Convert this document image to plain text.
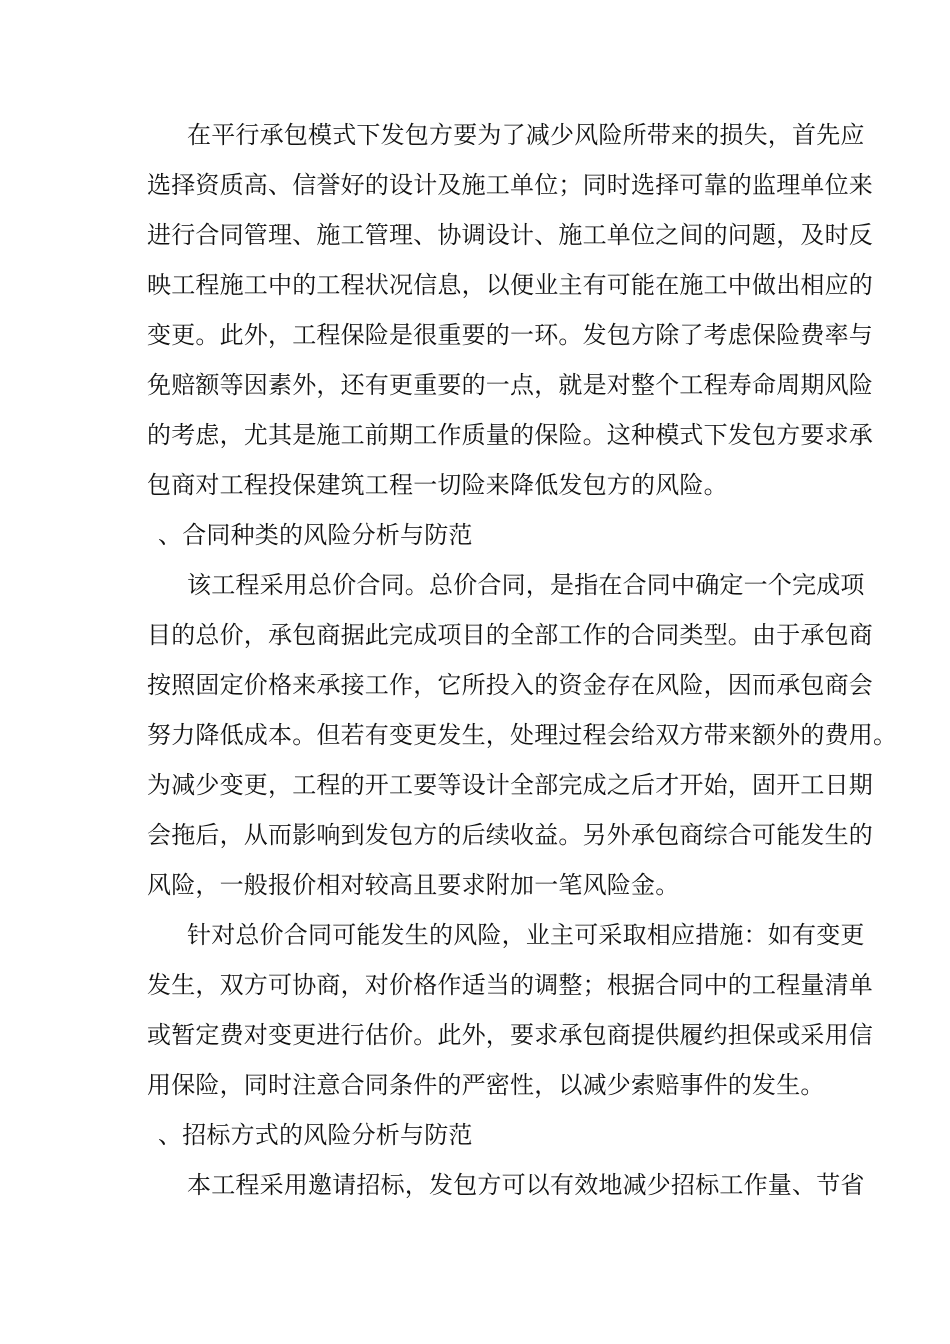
在平行承包模式下发包方要为了减少风险所带来的损失，首先应
选择资质高、信誉好的设计及施工单位；同时选择可靠的监理单位来
进行合同管理、施工管理、协调设计、施工单位之间的问题，及时反
映工程施工中的工程状况信息，以便业主有可能在施工中做出相应的
变更。此外，工程保险是很重要的一环。发包方除了考虑保险费率与
免赔额等因素外，还有更重要的一点，就是对整个工程寿命周期风险
的考虑，尤其是施工前期工作质量的保险。这种模式下发包方要求承
包商对工程投保建筑工程一切险来降低发包方的风险。
、合同种类的风险分析与防范
该工程采用总价合同。总价合同，是指在合同中确定一个完成项
目的总价，承包商据此完成项目的全部工作的合同类型。由于承包商
按照固定价格来承接工作，它所投入的资金存在风险，因而承包商会
努力降低成本。但若有变更发生，处理过程会给双方带来额外的费用。
为减少变更，工程的开工要等设计全部完成之后才开始，固开工日期
会拖后，从而影响到发包方的后续收益。另外承包商综合可能发生的
风险，一般报价相对较高且要求附加一笔风险金。
针对总价合同可能发生的风险，业主可采取相应措施：如有变更
发生，双方可协商，对价格作适当的调整；根据合同中的工程量清单
或暂定费对变更进行估价。此外，要求承包商提供履约担保或采用信
用保险，同时注意合同条件的严密性，以减少索赔事件的发生。
、招标方式的风险分析与防范
本工程采用邀请招标，发包方可以有效地减少招标工作量、节省
